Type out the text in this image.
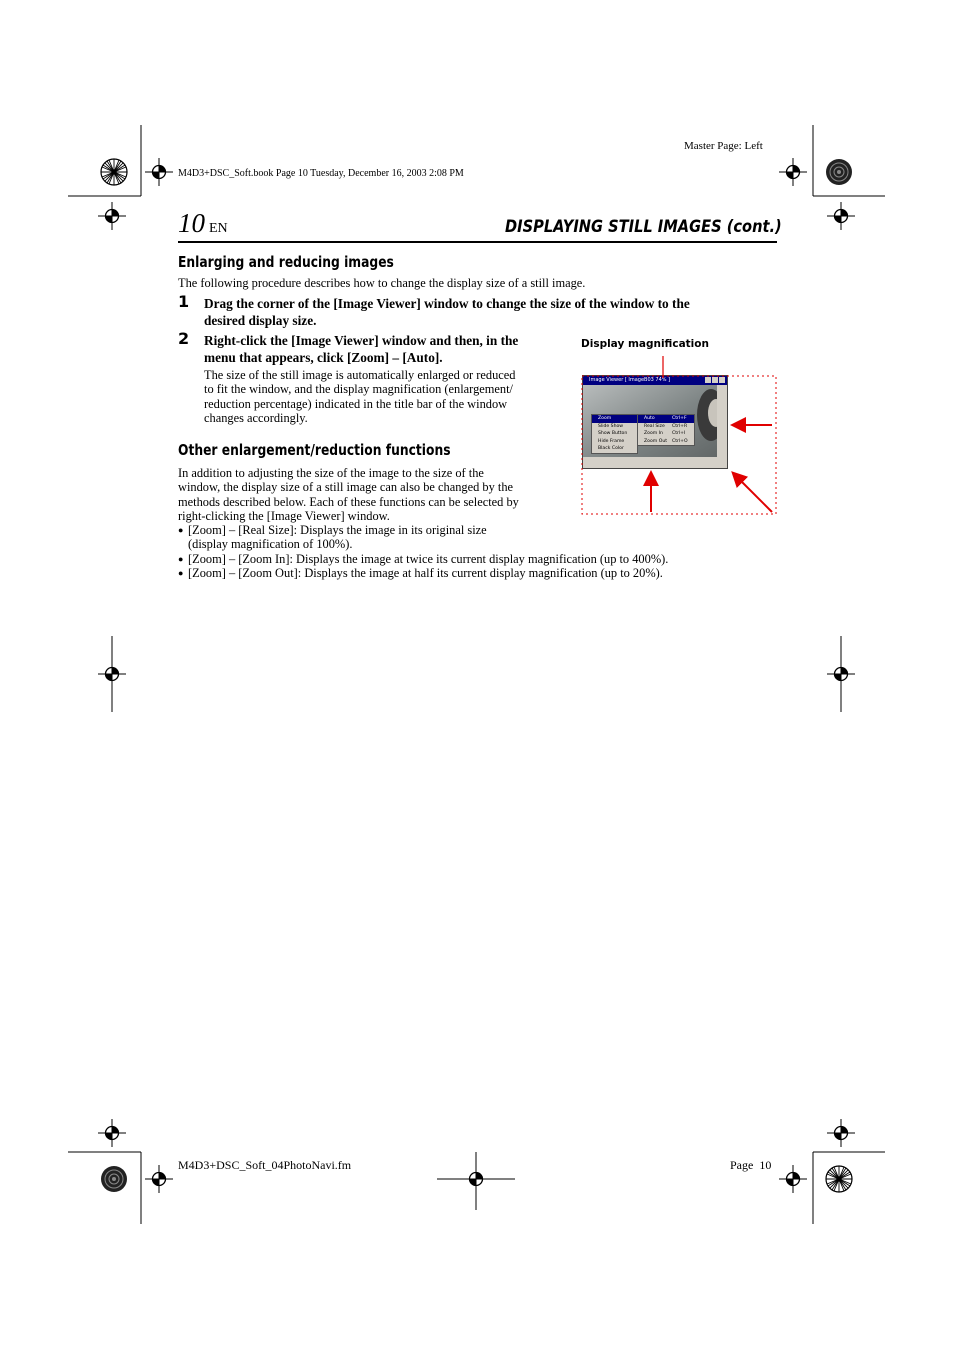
Master Page: Left
M4D3+DSC_Soft.book Page 10 Tuesday, December 16, 2003 2:08 PM
10 EN	DISPLAYING STILL IMAGES (cont.)
Enlarging and reducing images

The following procedure describes how to change the display size of a still image.

1 Drag the corner of the [Image Viewer] window to change the size of the window to the

desired display size.

2 Right-click the [Image Viewer] window and then, in the

menu that appears, click [Zoom] – [Auto].

The size of the still image is automatically enlarged or reduced

to fit the window, and the display magnification (enlargement/

reduction percentage) indicated in the title bar of the window

changes accordingly.

Display magnification
Image Viewer [ ImageB03 74% ]
Zoom
Slide Show
Show Button
Hide Frame
Black Color
Auto	Ctrl+F
Real Size Ctrl+R
Zoom In Ctrl+I
Zoom Out Ctrl+O
Other enlargement/reduction functions

In addition to adjusting the size of the image to the size of the

window, the display size of a still image can also be changed by the

methods described below. Each of these functions can be selected by

right-clicking the [Image Viewer] window.

● [Zoom] – [Real Size]: Displays the image in its original size

(display magnification of 100%).

● [Zoom] – [Zoom In]: Displays the image at twice its current display magnification (up to 400%).

● [Zoom] – [Zoom Out]: Displays the image at half its current display magnification (up to 20%).

M4D3+DSC_Soft_04PhotoNavi.fm	Page  10
